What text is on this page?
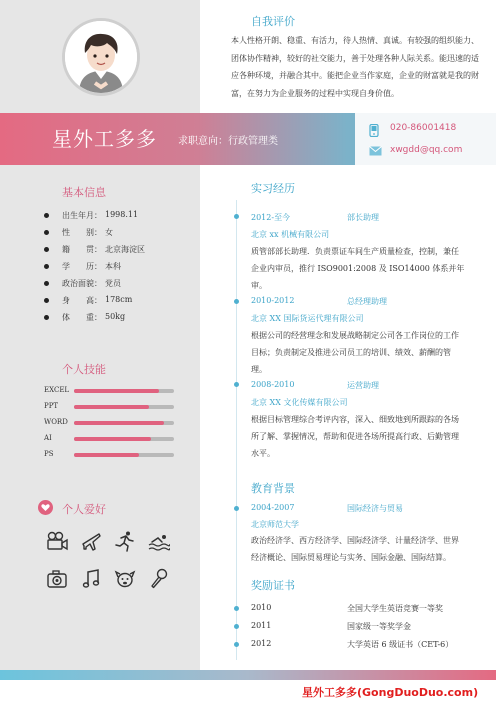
自我评价
本人性格开朗、稳重、有活力，待人热情、真诚。有较强的组织能力、团体协作精神，较好的社交能力，善于处理各种人际关系。能迅速的适应各种环境，并融合其中。能把企业当作家庭，企业的财富就是我的财富，在努力为企业服务的过程中实现自身价值。
星外工多多 求职意向：行政管理类
020-86001418
xwgdd@qq.com
基本信息
出生年月： 1998.11
性　　别： 女
籍　　贯： 北京海淀区
学　　历： 本科
政治面貌： 党员
身　　高： 178cm
体　　重： 50kg
个人技能
EXCEL
PPT
WORD
AI
PS
个人爱好
实习经历
2012-至今	部长助理
北京 xx 机械有限公司
质管部部长助理．负责票证车间生产质量检查，控制，兼任企业内审员，推行 ISO9001:2008 及 ISO14000 体系并年审。
2010-2012	总经理助理
北京 XX 国际货运代理有限公司
根据公司的经营理念和发展战略制定公司各工作岗位的工作目标；负责制定及推进公司员工的培训、绩效、薪酬的管理。
2008-2010	运营助理
北京 XX 文化传媒有限公司
根据目标管理综合考评内容，深入、细致地到所跟踪的各场所了解、掌握情况，帮助和促进各场所提高行政、后勤管理水平。
教育背景
2004-2007	国际经济与贸易
北京师范大学
政治经济学、西方经济学、国际经济学、计量经济学、世界经济概论、国际贸易理论与实务、国际金融、国际结算。
奖励证书
2010	全国大学生英语竞赛一等奖
2011	国家级一等奖学金
2012	大学英语 6 级证书（CET-6）
星外工多多(GongDuoDuo.com)
